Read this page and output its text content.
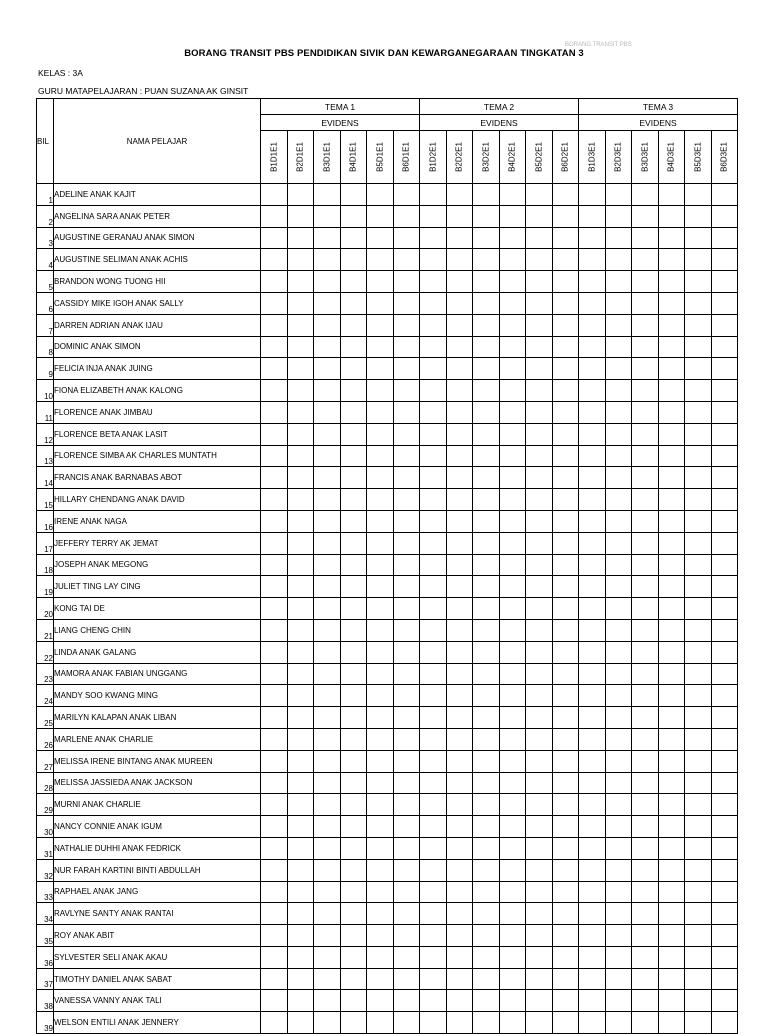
BORANG TRANSIT PBS PENDIDIKAN SIVIK DAN KEWARGANEGARAAN TINGKATAN 3
BORANG TRANSIT PBS
KELAS : 3A
GURU MATAPELAJARAN : PUAN SUZANA AK GINSIT
BIL	NAMA PELAJAR	TEMA 1						TEMA 2						TEMA 3					
		EVIDENS						EVIDENS						EVIDENS					

		B1D1E1	B2D1E1	B3D1E1	B4D1E1	B5D1E1	B6D1E1	B1D2E1	B2D2E1	B3D2E1	B4D2E1	B5D2E1	B6D2E1	B1D3E1	B2D3E1	B3D3E1	B4D3E1	B5D3E1	B6D3E1

1	ADELINE ANAK KAJIT																		
2	ANGELINA SARA ANAK PETER																		
3	AUGUSTINE GERANAU ANAK SIMON																		
4	AUGUSTINE SELIMAN ANAK ACHIS																		
5	BRANDON WONG TUONG HII																		
6	CASSIDY MIKE IGOH ANAK SALLY																		
7	DARREN ADRIAN ANAK IJAU																		
8	DOMINIC ANAK SIMON																		
9	FELICIA INJA ANAK JUING																		
10	FIONA ELIZABETH ANAK KALONG																		
11	FLORENCE ANAK JIMBAU																		
12	FLORENCE BETA ANAK LASIT																		
13	FLORENCE SIMBA AK CHARLES MUNTATH																		
14	FRANCIS ANAK BARNABAS ABOT																		
15	HILLARY CHENDANG ANAK DAVID																		
16	IRENE ANAK NAGA																		
17	JEFFERY TERRY AK JEMAT																		
18	JOSEPH ANAK MEGONG																		
19	JULIET TING LAY CING																		
20	KONG TAI DE																		
21	LIANG CHENG CHIN																		
22	LINDA ANAK GALANG																		
23	MAMORA ANAK FABIAN UNGGANG																		
24	MANDY SOO KWANG MING																		
25	MARILYN KALAPAN ANAK LIBAN																		
26	MARLENE ANAK CHARLIE																		
27	MELISSA IRENE BINTANG ANAK MUREEN																		
28	MELISSA JASSIEDA ANAK JACKSON																		
29	MURNI ANAK CHARLIE																		
30	NANCY CONNIE ANAK IGUM																		
31	NATHALIE DUHHI ANAK FEDRICK																		
32	NUR FARAH KARTINI BINTI ABDULLAH																		
33	RAPHAEL ANAK JANG																		
34	RAVLYNE SANTY ANAK RANTAI																		
35	ROY ANAK ABIT																		
36	SYLVESTER SELI ANAK AKAU																		
37	TIMOTHY DANIEL ANAK SABAT																		
38	VANESSA VANNY ANAK TALI																		
39	WELSON ENTILI ANAK JENNERY																		
